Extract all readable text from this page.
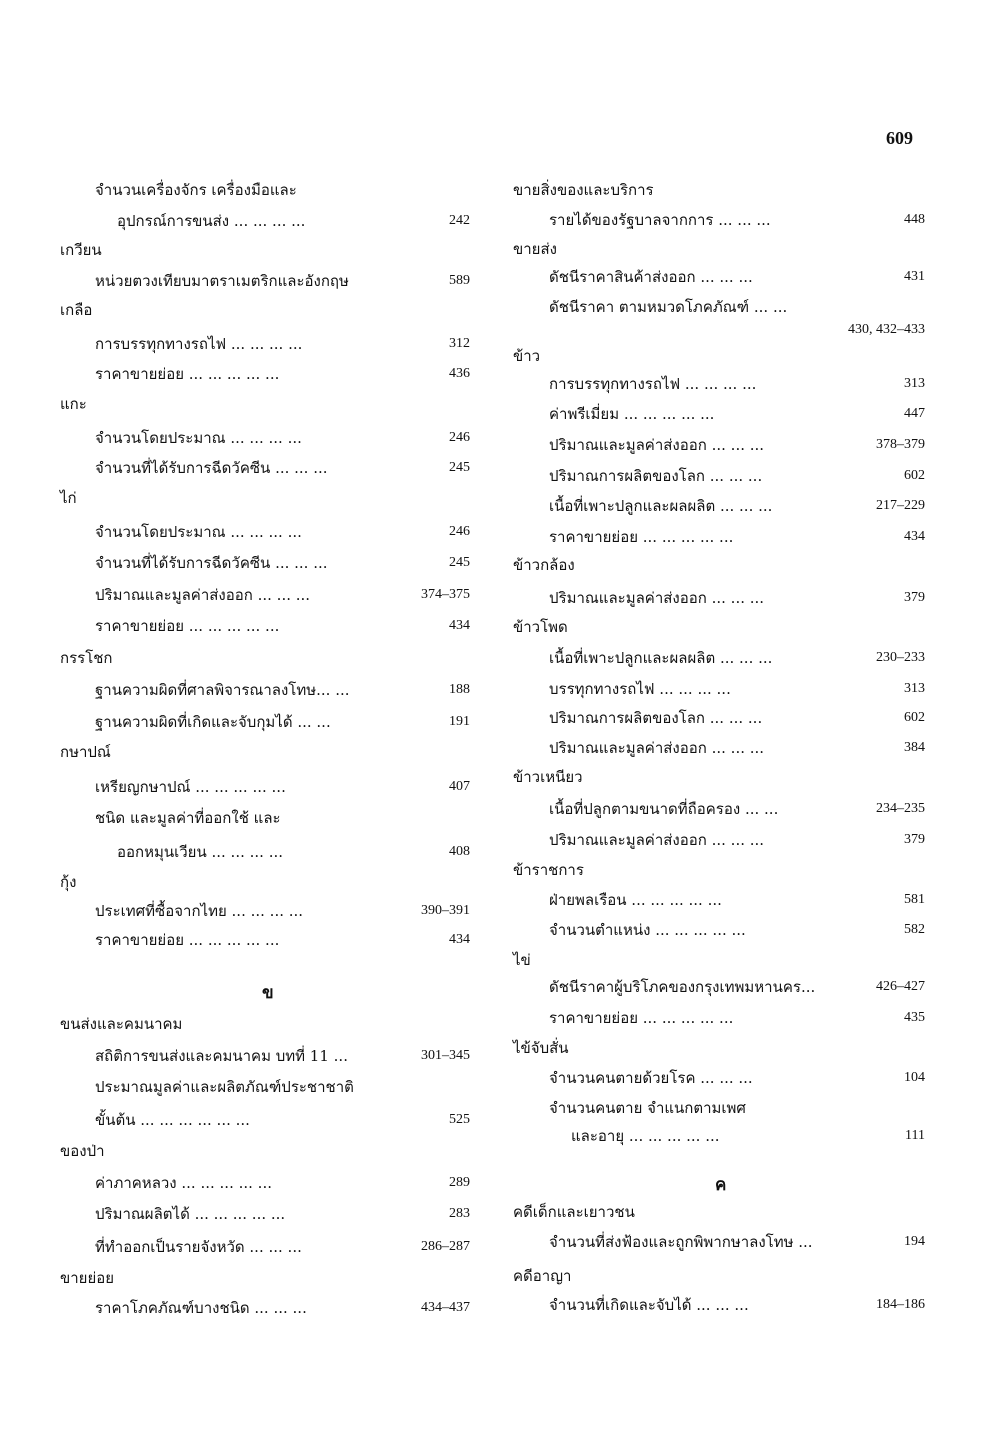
609
จำนวนเครื่องจักร เครื่องมือและ
อุปกรณ์การขนส่ง ... ... ... ...	242
เกวียน
หน่วยตวงเทียบมาตราเมตริกและอังกฤษ	589
เกลือ
การบรรทุกทางรถไฟ ... ... ... ...	312
ราคาขายย่อย ... ... ... ... ...	436
แกะ
จำนวนโดยประมาณ ... ... ... ...	246
จำนวนที่ได้รับการฉีดวัคซีน ... ... ...	245
ไก่
จำนวนโดยประมาณ ... ... ... ...	246
จำนวนที่ได้รับการฉีดวัคซีน ... ... ...	245
ปริมาณและมูลค่าส่งออก ... ... ...	374–375
ราคาขายย่อย ... ... ... ... ...	434
กรรโชก
ฐานความผิดที่ศาลพิจารณาลงโทษ... ...	188
ฐานความผิดที่เกิดและจับกุมได้ ... ...	191
กษาปณ์
เหรียญกษาปณ์ ... ... ... ... ...	407
ชนิด และมูลค่าที่ออกใช้ และ
ออกหมุนเวียน ... ... ... ...	408
กุ้ง
ประเทศที่ซื้อจากไทย ... ... ... ...	390–391
ราคาขายย่อย ... ... ... ... ...	434
ข
ขนส่งและคมนาคม
สถิติการขนส่งและคมนาคม บทที่ 11 ...	301–345
ประมาณมูลค่าและผลิตภัณฑ์ประชาชาติ
ขั้นต้น ... ... ... ... ... ...	525
ของป่า
ค่าภาคหลวง ... ... ... ... ...	289
ปริมาณผลิตได้ ... ... ... ... ...	283
ที่ทำออกเป็นรายจังหวัด ... ... ...	286–287
ขายย่อย
ราคาโภคภัณฑ์บางชนิด ... ... ...	434–437
ขายสิ่งของและบริการ
รายได้ของรัฐบาลจากการ ... ... ...	448
ขายส่ง
ดัชนีราคาสินค้าส่งออก ... ... ...	431
ดัชนีราคา ตามหมวดโภคภัณฑ์ ... ...
430, 432–433
ข้าว
การบรรทุกทางรถไฟ ... ... ... ...	313
ค่าพรีเมี่ยม ... ... ... ... ...	447
ปริมาณและมูลค่าส่งออก ... ... ...	378–379
ปริมาณการผลิตของโลก ... ... ...	602
เนื้อที่เพาะปลูกและผลผลิต ... ... ...	217–229
ราคาขายย่อย ... ... ... ... ...	434
ข้าวกล้อง
ปริมาณและมูลค่าส่งออก ... ... ...	379
ข้าวโพด
เนื้อที่เพาะปลูกและผลผลิต ... ... ...	230–233
บรรทุกทางรถไฟ ... ... ... ...	313
ปริมาณการผลิตของโลก ... ... ...	602
ปริมาณและมูลค่าส่งออก ... ... ...	384
ข้าวเหนียว
เนื้อที่ปลูกตามขนาดที่ถือครอง ... ...	234–235
ปริมาณและมูลค่าส่งออก ... ... ...	379
ข้าราชการ
ฝ่ายพลเรือน ... ... ... ... ...	581
จำนวนตำแหน่ง ... ... ... ... ...	582
ไข่
ดัชนีราคาผู้บริโภคของกรุงเทพมหานคร...	426–427
ราคาขายย่อย ... ... ... ... ...	435
ไข้จับสั่น
จำนวนคนตายด้วยโรค ... ... ...	104
จำนวนคนตาย จำแนกตามเพศ
และอายุ ... ... ... ... ...	111
ค
คดีเด็กและเยาวชน
จำนวนที่ส่งฟ้องและถูกพิพากษาลงโทษ ...	194
คดีอาญา
จำนวนที่เกิดและจับได้ ... ... ...	184–186
